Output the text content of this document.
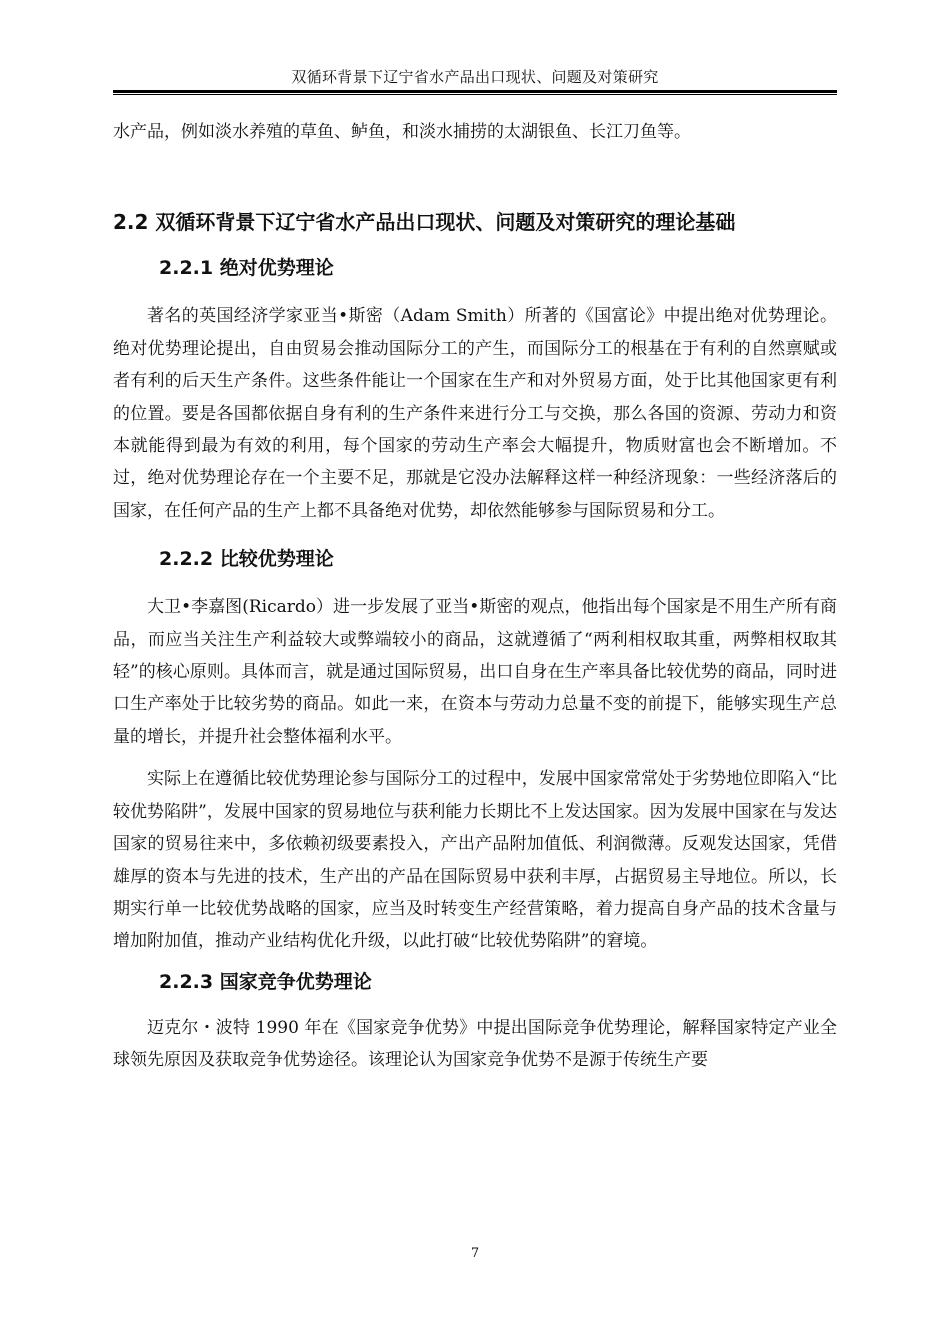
双循环背景下辽宁省水产品出口现状、问题及对策研究

水产品，例如淡水养殖的草鱼、鲈鱼，和淡水捕捞的太湖银鱼、长江刀鱼等。

2.2 双循环背景下辽宁省水产品出口现状、问题及对策研究的理论基础
2.2.1 绝对优势理论

著名的英国经济学家亚当•斯密（Adam Smith）所著的《国富论》中提出绝对优势理论。绝对优势理论提出，自由贸易会推动国际分工的产生，而国际分工的根基在于有利的自然禀赋或者有利的后天生产条件。这些条件能让一个国家在生产和对外贸易方面，处于比其他国家更有利的位置。要是各国都依据自身有利的生产条件来进行分工与交换，那么各国的资源、劳动力和资本就能得到最为有效的利用，每个国家的劳动生产率会大幅提升，物质财富也会不断增加。不过，绝对优势理论存在一个主要不足，那就是它没办法解释这样一种经济现象：一些经济落后的国家，在任何产品的生产上都不具备绝对优势，却依然能够参与国际贸易和分工。

2.2.2 比较优势理论

大卫•李嘉图(Ricardo）进一步发展了亚当•斯密的观点，他指出每个国家是不用生产所有商品，而应当关注生产利益较大或弊端较小的商品，这就遵循了“两利相权取其重，两弊相权取其轻”的核心原则。具体而言，就是通过国际贸易，出口自身在生产率具备比较优势的商品，同时进口生产率处于比较劣势的商品。如此一来，在资本与劳动力总量不变的前提下，能够实现生产总量的增长，并提升社会整体福利水平。

实际上在遵循比较优势理论参与国际分工的过程中，发展中国家常常处于劣势地位即陷入“比较优势陷阱”，发展中国家的贸易地位与获利能力长期比不上发达国家。因为发展中国家在与发达国家的贸易往来中，多依赖初级要素投入，产出产品附加值低、利润微薄。反观发达国家，凭借雄厚的资本与先进的技术，生产出的产品在国际贸易中获利丰厚，占据贸易主导地位。所以，长期实行单一比较优势战略的国家，应当及时转变生产经营策略，着力提高自身产品的技术含量与增加附加值，推动产业结构优化升级，以此打破“比较优势陷阱”的窘境。

2.2.3 国家竞争优势理论

迈克尔・波特 1990 年在《国家竞争优势》中提出国际竞争优势理论，解释国家特定产业全球领先原因及获取竞争优势途径。该理论认为国家竞争优势不是源于传统生产要

7
